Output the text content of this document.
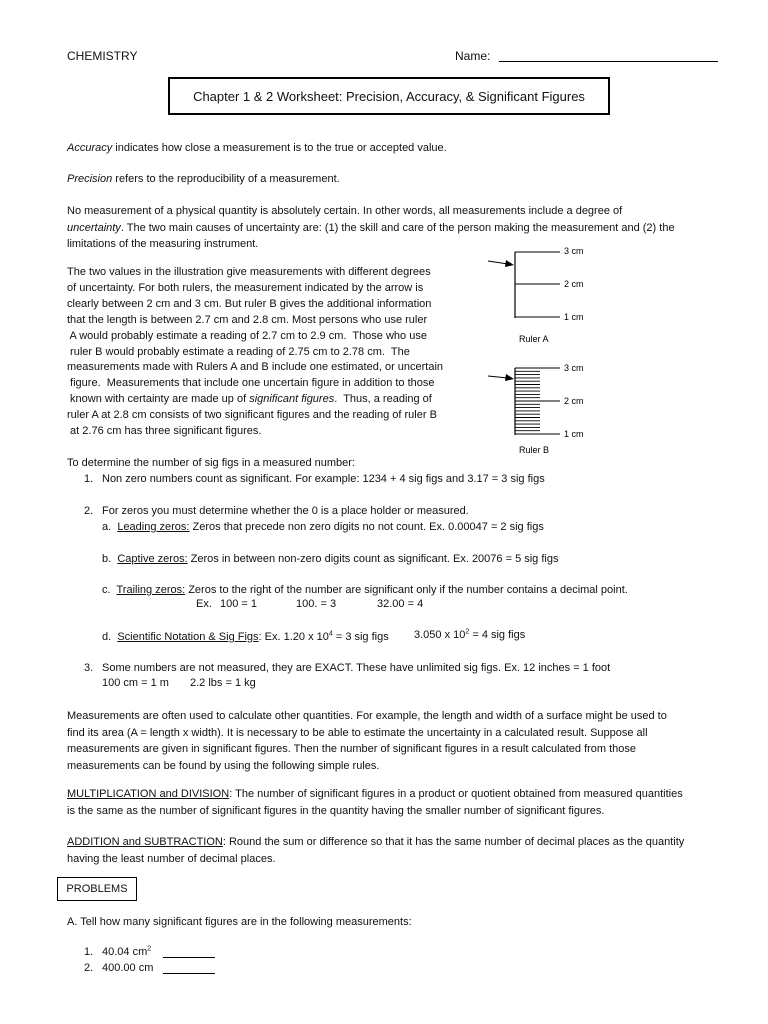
CHEMISTRY	Name:
Chapter 1 & 2 Worksheet: Precision, Accuracy, & Significant Figures

Accuracy indicates how close a measurement is to the true or accepted value.

Precision refers to the reproducibility of a measurement.

No measurement of a physical quantity is absolutely certain. In other words, all measurements include a degree of
uncertainty. The two main causes of uncertainty are: (1) the skill and care of the person making the measurement and (2) the
limitations of the measuring instrument.
The two values in the illustration give measurements with different degrees
of uncertainty. For both rulers, the measurement indicated by the arrow is
clearly between 2 cm and 3 cm. But ruler B gives the additional information
that the length is between 2.7 cm and 2.8 cm. Most persons who use ruler
A would probably estimate a reading of 2.7 cm to 2.9 cm.  Those who use
ruler B would probably estimate a reading of 2.75 cm to 2.78 cm.  The
measurements made with Rulers A and B include one estimated, or uncertain
figure.  Measurements that include one uncertain figure in addition to those
known with certainty are made up of significant figures.  Thus, a reading of
ruler A at 2.8 cm consists of two significant figures and the reading of ruler B
at 2.76 cm has three significant figures.
3 cm
2 cm
1 cm
Ruler A
3 cm
2 cm
1 cm
Ruler B

To determine the number of sig figs in a measured number:

1. Non zero numbers count as significant. For example: 1234 + 4 sig figs and 3.17 = 3 sig figs

2. For zeros you must determine whether the 0 is a place holder or measured.

a. Leading zeros: Zeros that precede non zero digits no not count. Ex. 0.00047 = 2 sig figs

b. Captive zeros: Zeros in between non-zero digits count as significant. Ex. 20076 = 5 sig figs

c. Trailing zeros: Zeros to the right of the number are significant only if the number contains a decimal point.

Ex. 100 = 1	100. = 3	32.00 = 4

d. Scientific Notation & Sig Figs: Ex. 1.20 x $10^4 = 3$ sig figs 3.050 x $10^2 = 4$ sig figs

3. Some numbers are not measured, they are EXACT. These have unlimited sig figs. Ex. 12 inches = 1 foot

100 cm = 1 m 2.2 lbs = 1 kg
Measurements are often used to calculate other quantities. For example, the length and width of a surface might be used to
find its area (A = length x width). It is necessary to be able to estimate the uncertainty in a calculated result. Suppose all
measurements are given in significant figures. Then the number of significant figures in a result calculated from those
measurements can be found by using the following simple rules.
MULTIPLICATION and DIVISION: The number of significant figures in a product or quotient obtained from measured quantities
is the same as the number of significant figures in the quantity having the smaller number of significant figures.
ADDITION and SUBTRACTION: Round the sum or difference so that it has the same number of decimal places as the quantity
having the least number of decimal places.
PROBLEMS

A. Tell how many significant figures are in the following measurements:

1. 40.04 $cm^2$
2. 400.00 cm
